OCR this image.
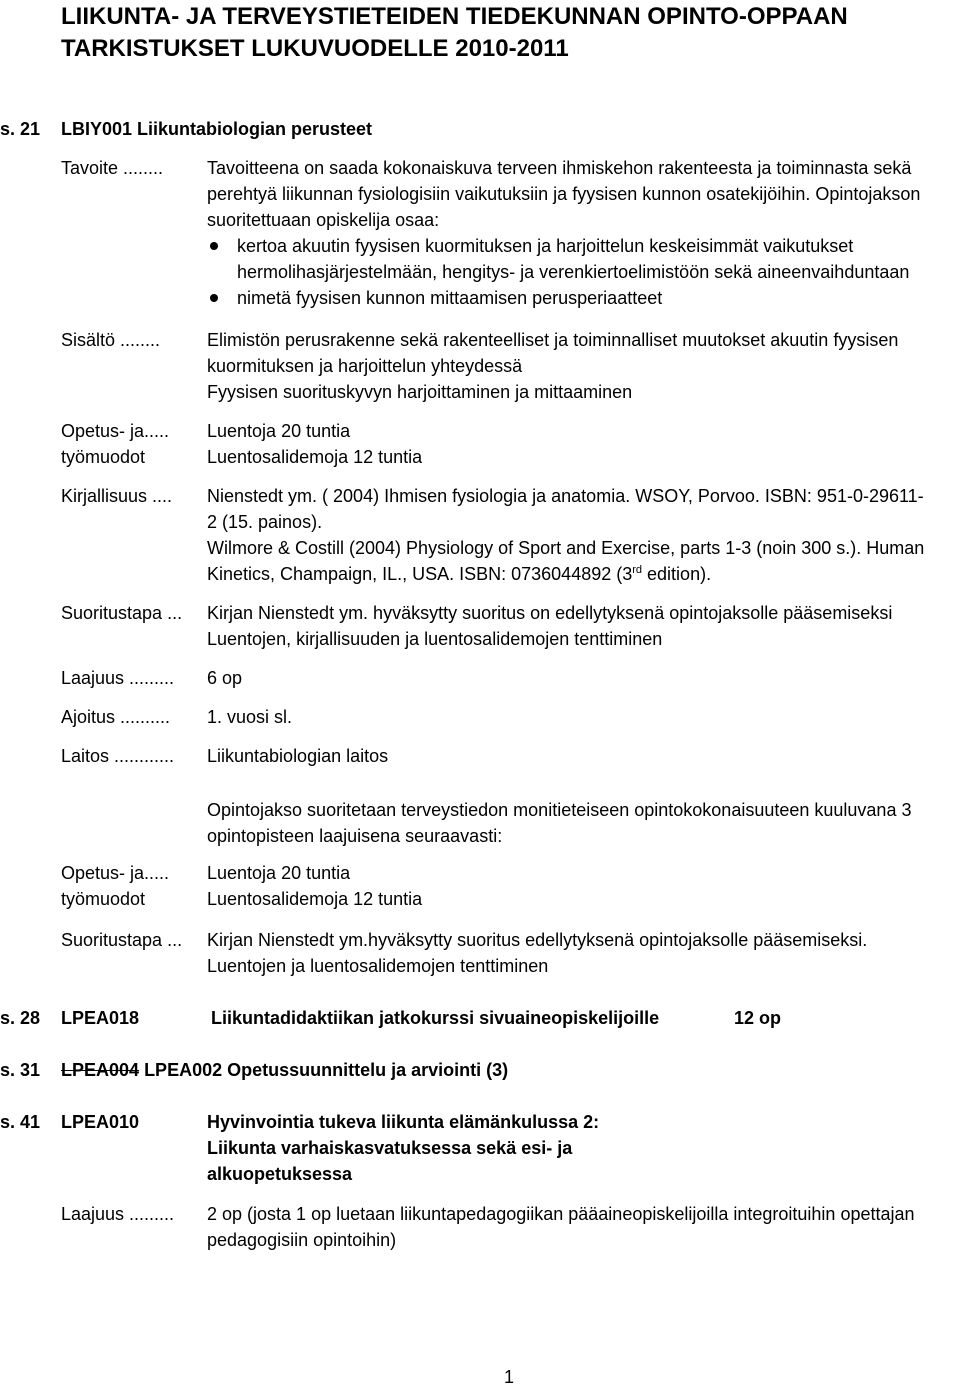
LIIKUNTA- JA TERVEYSTIETEIDEN TIEDEKUNNAN OPINTO-OPPAAN
TARKISTUKSET LUKUVUODELLE 2010-2011
s. 21 LBIY001 Liikuntabiologian perusteet
Tavoite ........ Tavoitteena on saada kokonaiskuva terveen ihmiskehon rakenteesta ja toiminnasta sekä
perehtyä liikunnan fysiologisiin vaikutuksiin ja fyysisen kunnon osatekijöihin. Opintojakson
suoritettuaan opiskelija osaa:
kertoa akuutin fyysisen kuormituksen ja harjoittelun keskeisimmät vaikutukset
hermolihasjärjestelmään, hengitys- ja verenkiertoelimistöön sekä aineenvaihduntaan
nimetä fyysisen kunnon mittaamisen perusperiaatteet
Sisältö ........	Elimistön perusrakenne sekä rakenteelliset ja toiminnalliset muutokset akuutin fyysisen
kuormituksen ja harjoittelun yhteydessä
Fyysisen suorituskyvyn harjoittaminen ja mittaaminen
Opetus- ja.....
työmuodot
Luentoja 20 tuntia
Luentosalidemoja 12 tuntia
Kirjallisuus .... Nienstedt ym. ( 2004) Ihmisen fysiologia ja anatomia. WSOY, Porvoo. ISBN: 951-0-29611-
2 (15. painos).
Wilmore & Costill (2004) Physiology of Sport and Exercise, parts 1-3 (noin 300 s.). Human
Kinetics, Champaign, IL., USA. ISBN: 0736044892 (3rd edition).
Suoritustapa ... Kirjan Nienstedt ym. hyväksytty suoritus on edellytyksenä opintojaksolle pääsemiseksi
Luentojen, kirjallisuuden ja luentosalidemojen tenttiminen
Laajuus ......... 6 op
Ajoitus .......... 1. vuosi sl.
Laitos ............ Liikuntabiologian laitos
Opintojakso suoritetaan terveystiedon monitieteiseen opintokokonaisuuteen kuuluvana 3
opintopisteen laajuisena seuraavasti:
Opetus- ja.....
työmuodot
Luentoja 20 tuntia
Luentosalidemoja 12 tuntia
Suoritustapa ... Kirjan Nienstedt ym.hyväksytty suoritus edellytyksenä opintojaksolle pääsemiseksi.
Luentojen ja luentosalidemojen tenttiminen
s. 28 LPEA018	Liikuntadidaktiikan jatkokurssi sivuaineopiskelijoille	12 op
s. 31 LPEA004 LPEA002 Opetussuunnittelu ja arviointi (3)
s. 41 LPEA010	Hyvinvointia tukeva liikunta elämänkulussa 2:
Liikunta varhaiskasvatuksessa sekä esi- ja
alkuopetuksessa
Laajuus ......... 2 op (josta 1 op luetaan liikuntapedagogiikan pääaineopiskelijoilla integroituihin opettajan
pedagogisiin opintoihin)
1
